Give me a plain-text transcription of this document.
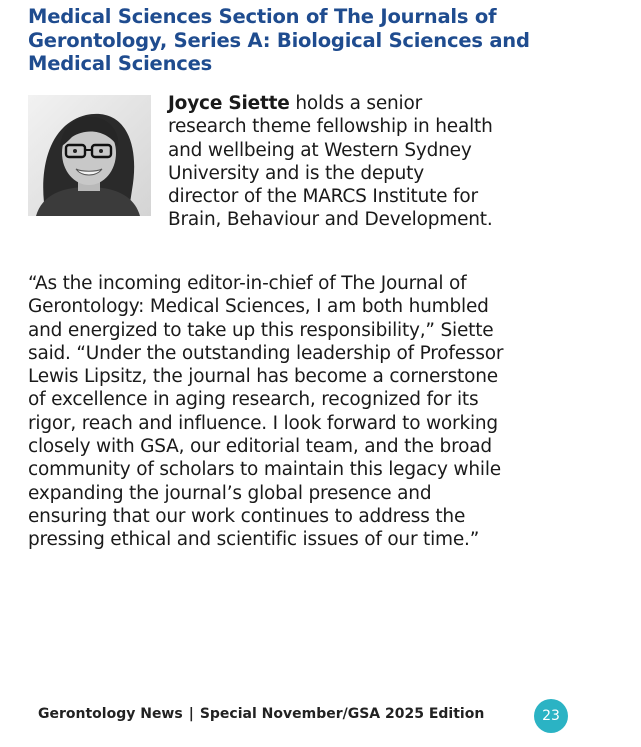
Medical Sciences Section of The Journals of Gerontology, Series A: Biological Sciences and Medical Sciences

Joyce Siette holds a senior research theme fellowship in health and wellbeing at Western Sydney University and is the deputy director of the MARCS Institute for Brain, Behaviour and Development.

“As the incoming editor-in-chief of The Journal of Gerontology: Medical Sciences, I am both humbled and energized to take up this responsibility,” Siette said. “Under the outstanding leadership of Professor Lewis Lipsitz, the journal has become a cornerstone of excellence in aging research, recognized for its rigor, reach and influence. I look forward to working closely with GSA, our editorial team, and the broad community of scholars to maintain this legacy while expanding the journal’s global presence and ensuring that our work continues to address the pressing ethical and scientific issues of our time.”

Gerontology News | Special November/GSA 2025 Edition	23
